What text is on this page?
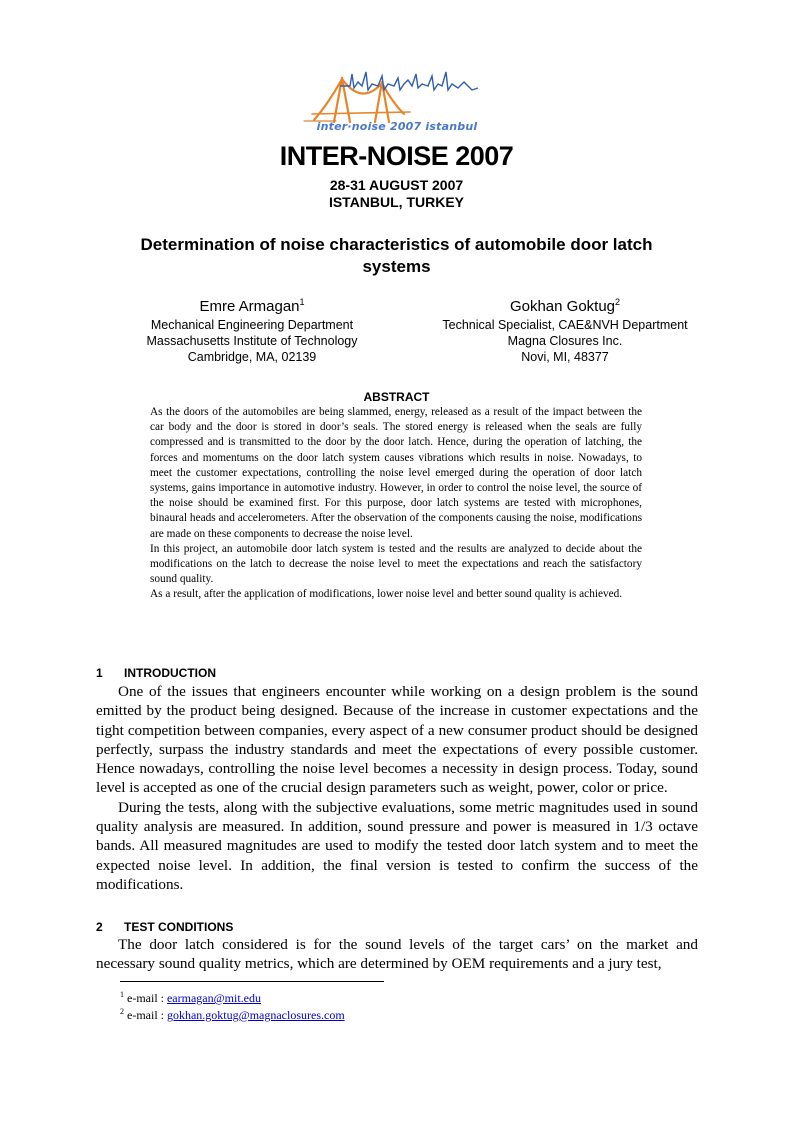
inter·noise 2007 istanbul
INTER-NOISE 2007
28-31 AUGUST 2007
ISTANBUL, TURKEY
Determination of noise characteristics of automobile door latch systems
Emre Armagan$^1$
Mechanical Engineering Department
Massachusetts Institute of Technology
Cambridge, MA, 02139
Gokhan Goktug$^2$
Technical Specialist, CAE&NVH Department
Magna Closures Inc.
Novi, MI, 48377
ABSTRACT

As the doors of the automobiles are being slammed, energy, released as a result of the impact between the car body and the door is stored in door’s seals. The stored energy is released when the seals are fully compressed and is transmitted to the door by the door latch. Hence, during the operation of latching, the forces and momentums on the door latch system causes vibrations which results in noise. Nowadays, to meet the customer expectations, controlling the noise level emerged during the operation of door latch systems, gains importance in automotive industry. However, in order to control the noise level, the source of the noise should be examined first. For this purpose, door latch systems are tested with microphones, binaural heads and accelerometers. After the observation of the components causing the noise, modifications are made on these components to decrease the noise level.

In this project, an automobile door latch system is tested and the results are analyzed to decide about the modifications on the latch to decrease the noise level to meet the expectations and reach the satisfactory sound quality.

As a result, after the application of modifications, lower noise level and better sound quality is achieved.

1 INTRODUCTION

One of the issues that engineers encounter while working on a design problem is the sound emitted by the product being designed. Because of the increase in customer expectations and the tight competition between companies, every aspect of a new consumer product should be designed perfectly, surpass the industry standards and meet the expectations of every possible customer. Hence nowadays, controlling the noise level becomes a necessity in design process. Today, sound level is accepted as one of the crucial design parameters such as weight, power, color or price.

During the tests, along with the subjective evaluations, some metric magnitudes used in sound quality analysis are measured. In addition, sound pressure and power is measured in 1/3 octave bands. All measured magnitudes are used to modify the tested door latch system and to meet the expected noise level. In addition, the final version is tested to confirm the success of the modifications.

2 TEST CONDITIONS

The door latch considered is for the sound levels of the target cars’ on the market and necessary sound quality metrics, which are determined by OEM requirements and a jury test,

$^1$ e-mail : earmagan@mit.edu
$^2$ e-mail : gokhan.goktug@magnaclosures.com
